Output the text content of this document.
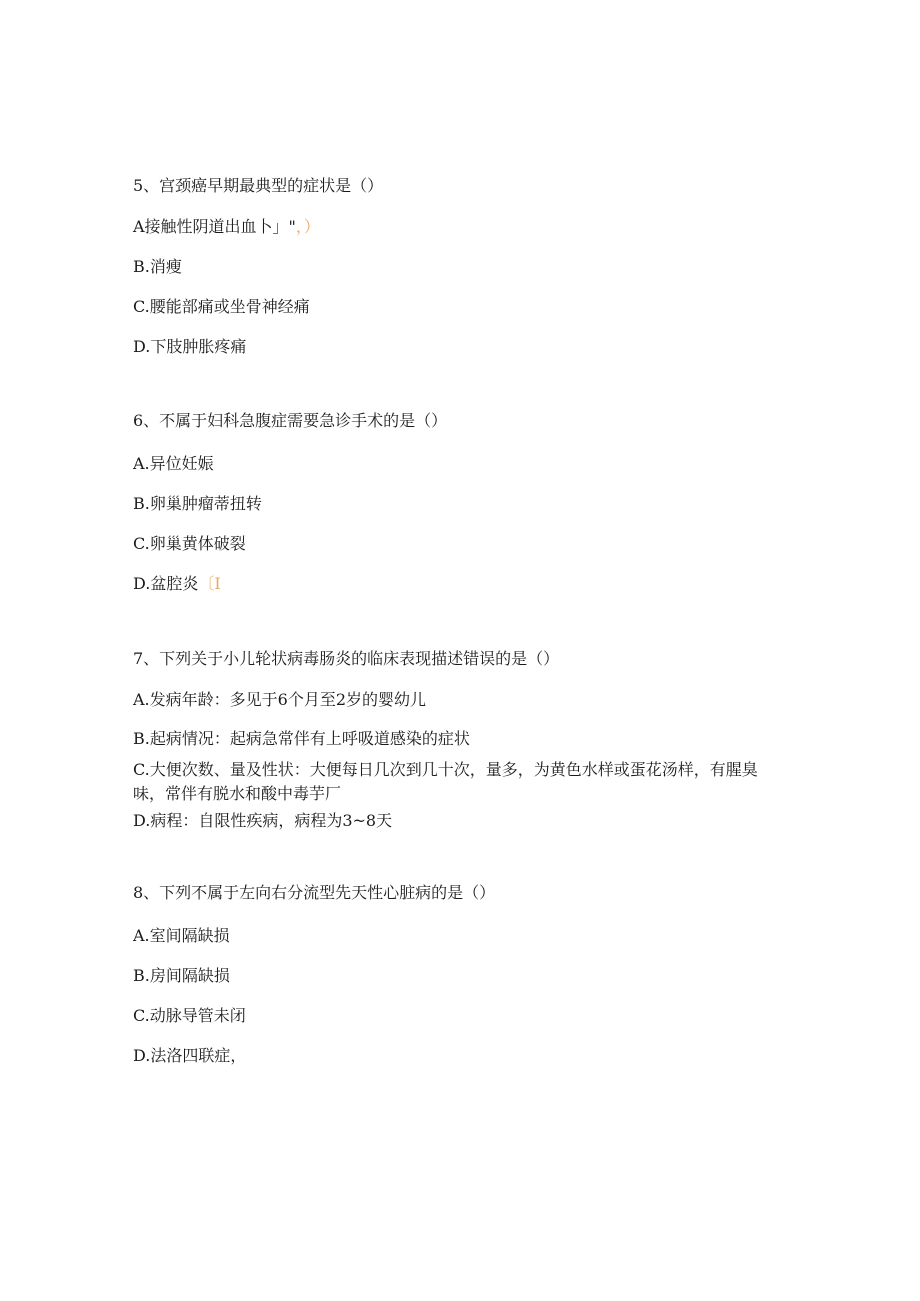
5、宫颈癌早期最典型的症状是（）
A接触性阴道出血卜」"，）
B.消瘦
C.腰能部痛或坐骨神经痛
D.下肢肿胀疼痛
6、不属于妇科急腹症需要急诊手术的是（）
A.异位妊娠
B.卵巢肿瘤蒂扭转
C.卵巢黄体破裂
D.盆腔炎〔I
7、下列关于小儿轮状病毒肠炎的临床表现描述错误的是（）
A.发病年龄：多见于6个月至2岁的婴幼儿
B.起病情况：起病急常伴有上呼吸道感染的症状
C.大便次数、量及性状：大便每日几次到几十次，量多，为黄色水样或蛋花汤样，有腥臭味，常伴有脱水和酸中毒芋厂
D.病程：自限性疾病，病程为3~8天
8、下列不属于左向右分流型先天性心脏病的是（）
A.室间隔缺损
B.房间隔缺损
C.动脉导管未闭
D.法洛四联症，
